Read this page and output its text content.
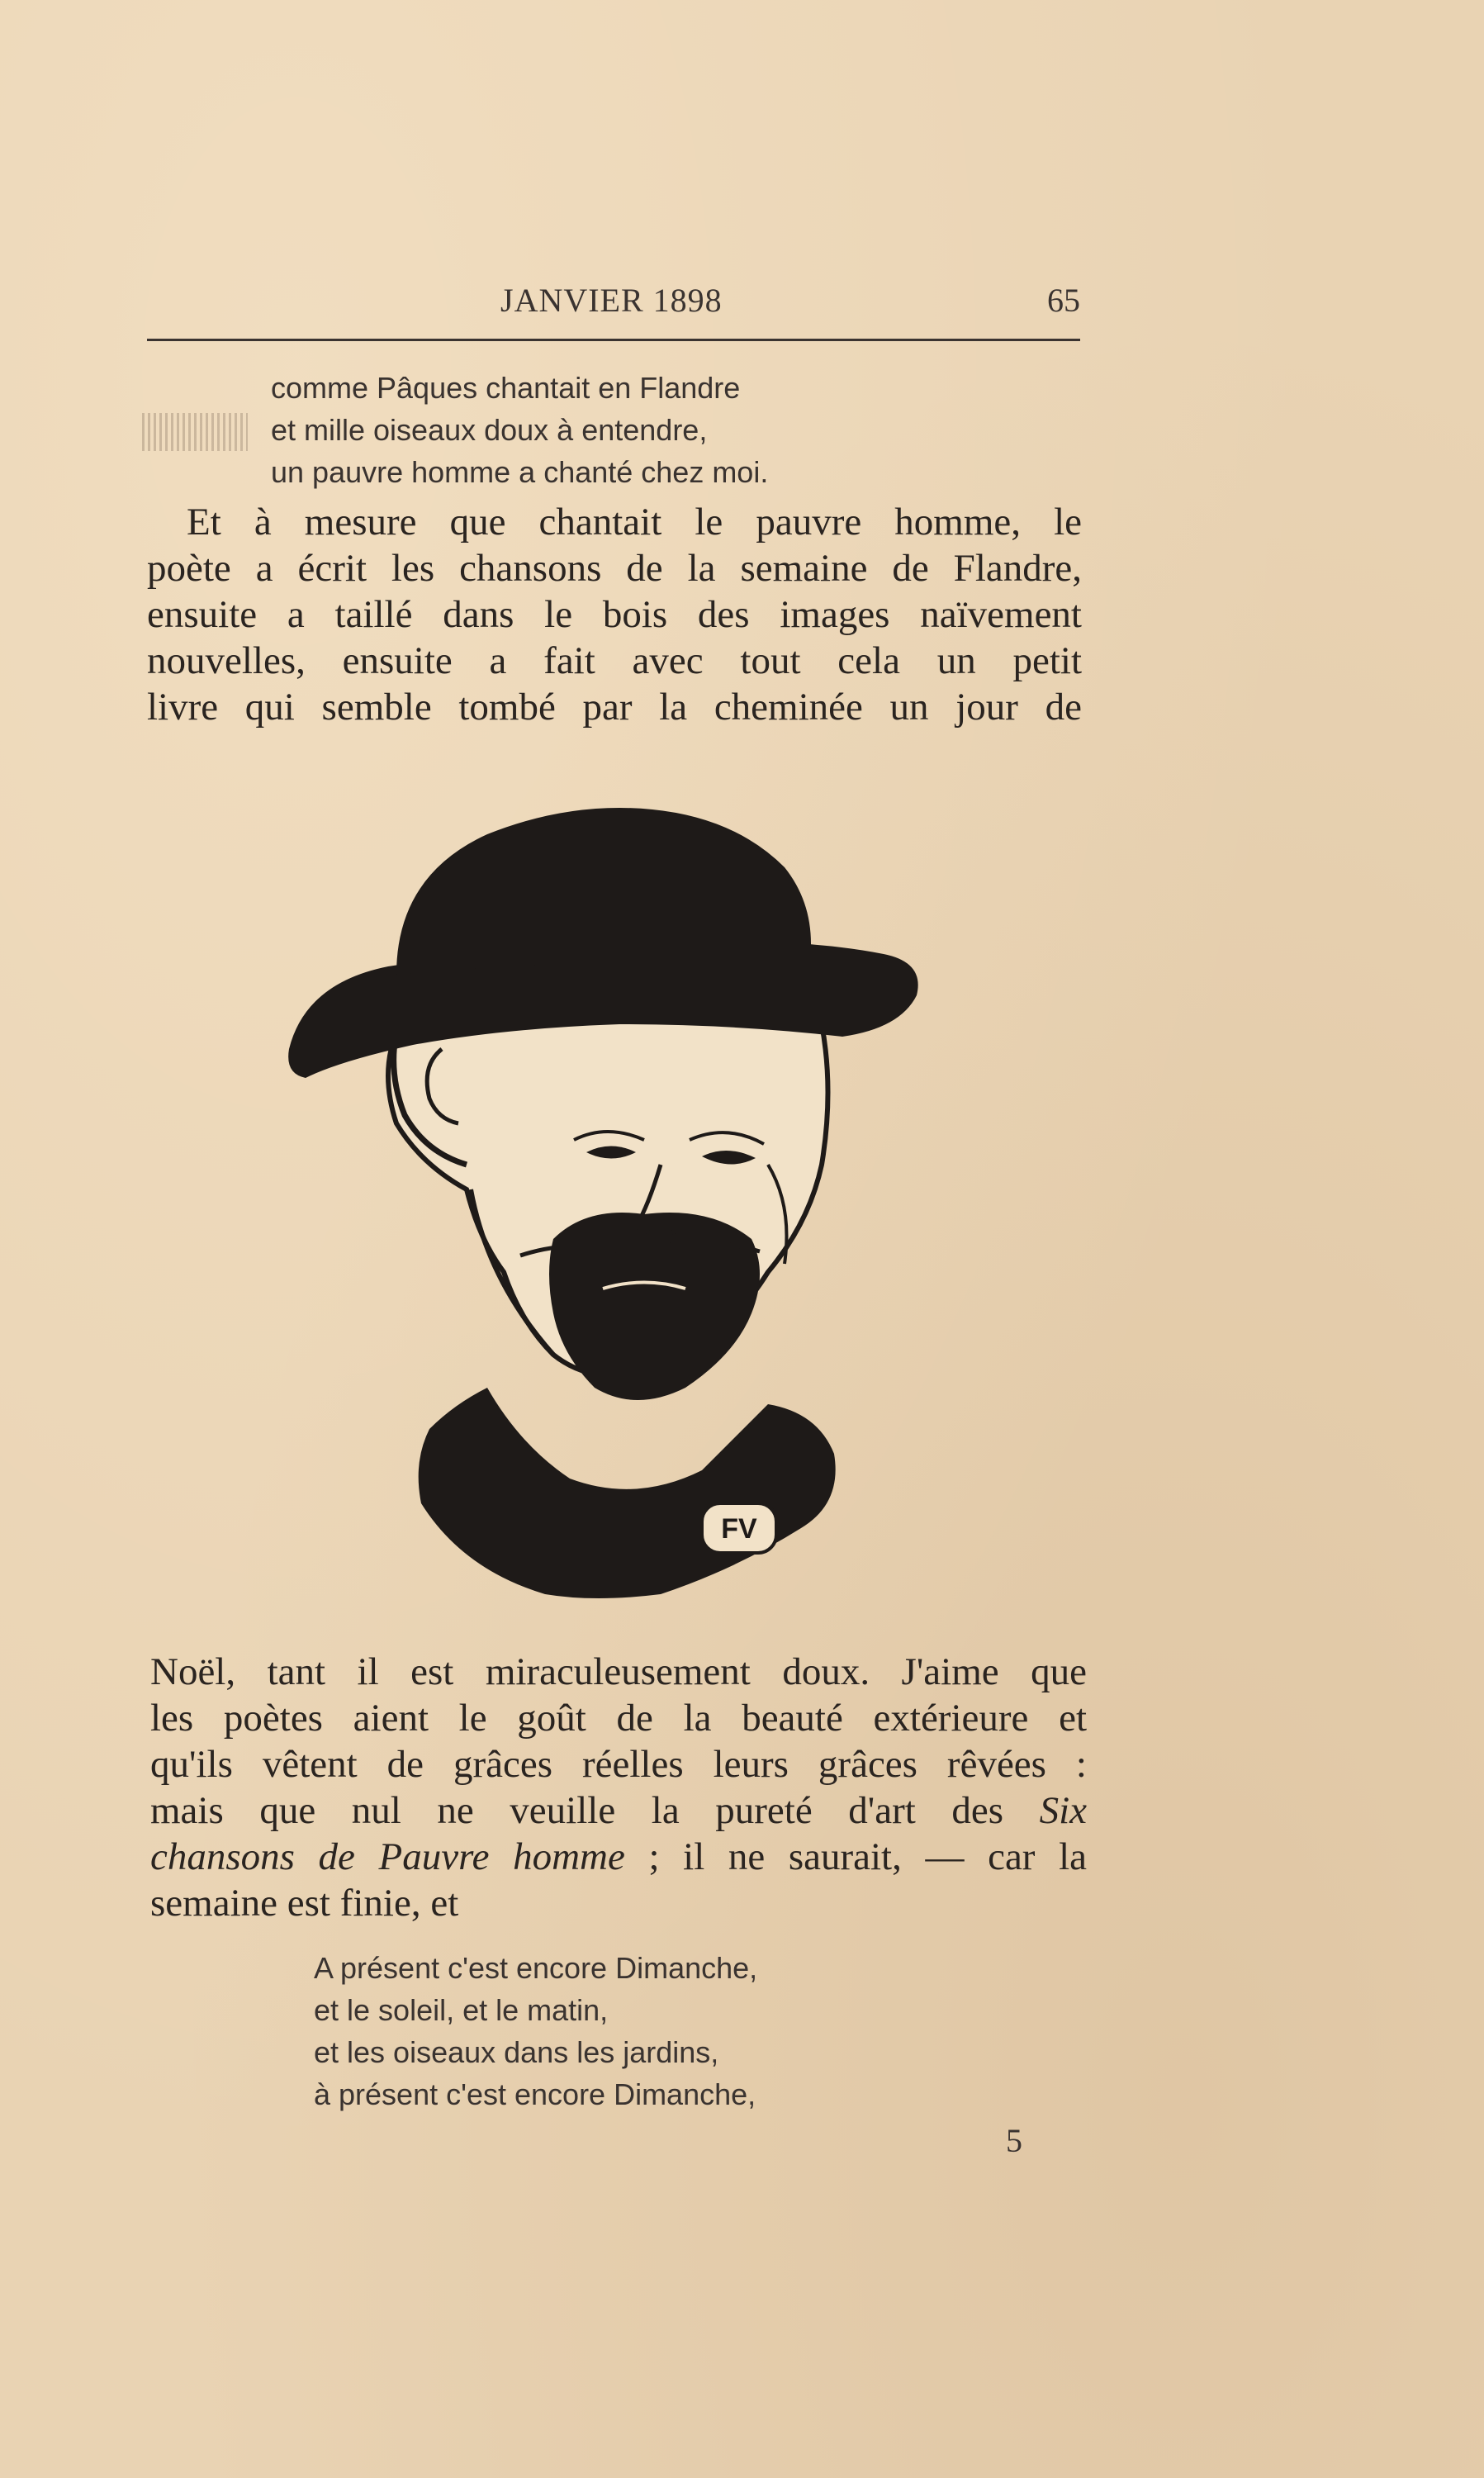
JANVIER 1898	65
comme Pâques chantait en Flandre
et mille oiseaux doux à entendre,
un pauvre homme a chanté chez moi.
Et à mesure que chantait le pauvre homme, le
poète a écrit les chansons de la semaine de Flandre,
ensuite a taillé dans le bois des images naïvement
nouvelles, ensuite a fait avec tout cela un petit
livre qui semble tombé par la cheminée un jour de
FV
Noël, tant il est miraculeusement doux. J'aime que
les poètes aient le goût de la beauté extérieure et
qu'ils vêtent de grâces réelles leurs grâces rêvées :
mais que nul ne veuille la pureté d'art des Six
chansons de Pauvre homme ; il ne saurait, — car la
semaine est finie, et
A présent c'est encore Dimanche,
et le soleil, et le matin,
et les oiseaux dans les jardins,
à présent c'est encore Dimanche,
5
